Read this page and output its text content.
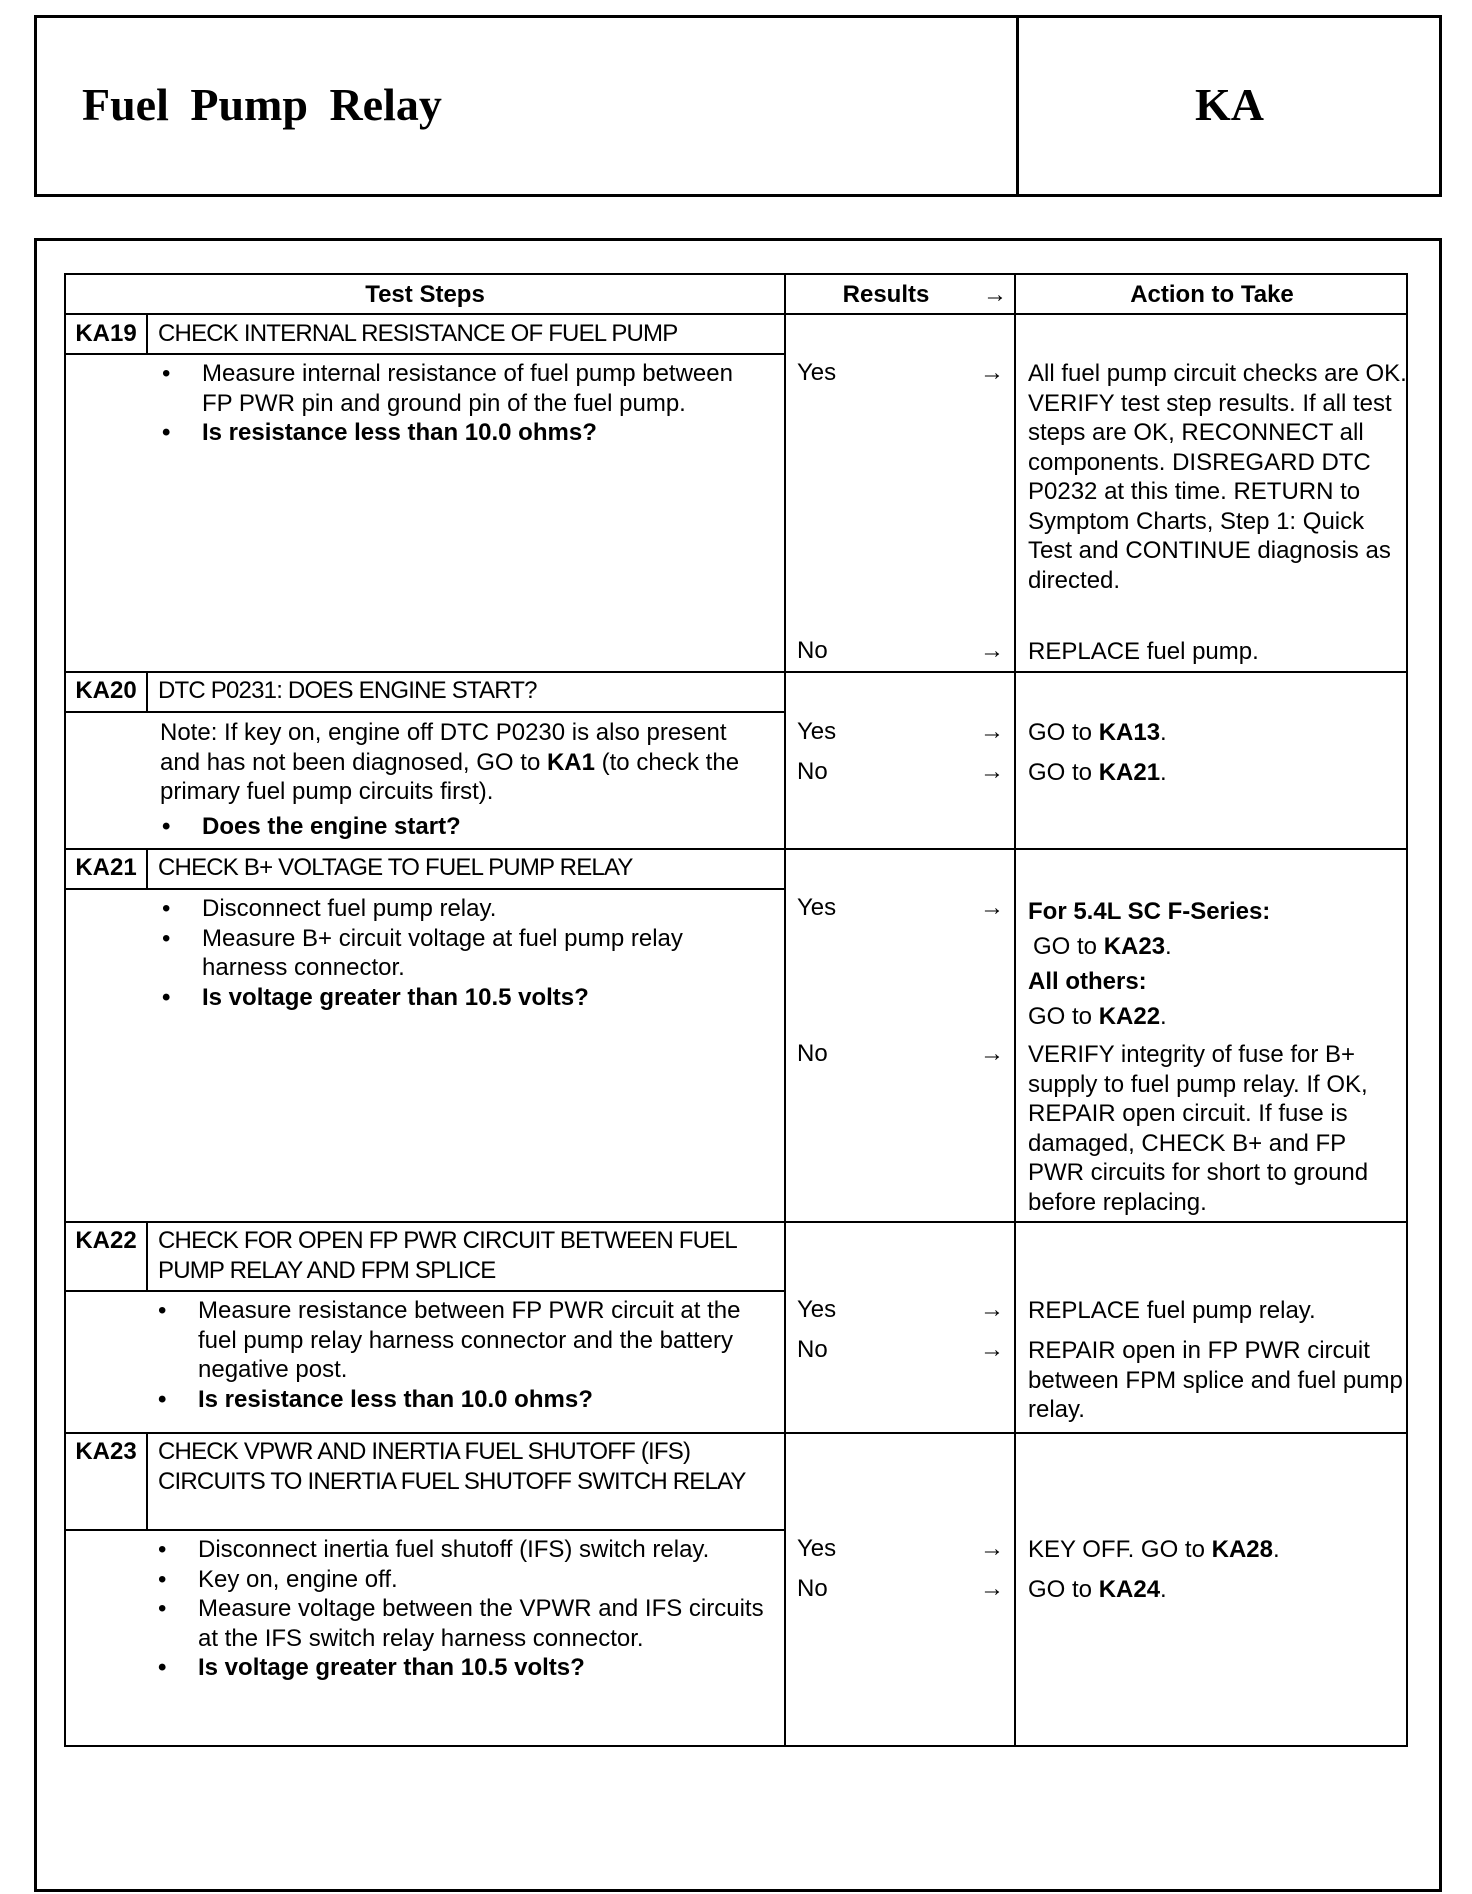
Fuel Pump Relay	KA
Test Steps	Results	→	Action to Take
KA19 CHECK INTERNAL RESISTANCE OF FUEL PUMP
• Measure internal resistance of fuel pump between FP PWR pin and ground pin of the fuel pump.
• Is resistance less than 10.0 ohms?
Yes	→ All fuel pump circuit checks are OK. VERIFY test step results. If all test steps are OK, RECONNECT all components. DISREGARD DTC P0232 at this time. RETURN to Symptom Charts, Step 1: Quick Test and CONTINUE diagnosis as directed.
No	→ REPLACE fuel pump.
KA20 DTC P0231: DOES ENGINE START?
Note: If key on, engine off DTC P0230 is also present and has not been diagnosed, GO to KA1 (to check the primary fuel pump circuits first).
• Does the engine start?
Yes	→ GO to KA13.
No	→ GO to KA21.
KA21 CHECK B+ VOLTAGE TO FUEL PUMP RELAY
• Disconnect fuel pump relay.
• Measure B+ circuit voltage at fuel pump relay harness connector.
• Is voltage greater than 10.5 volts?
Yes	→ For 5.4L SC F-Series:
GO to KA23.
All others:
GO to KA22.
No	→ VERIFY integrity of fuse for B+ supply to fuel pump relay. If OK, REPAIR open circuit. If fuse is damaged, CHECK B+ and FP PWR circuits for short to ground before replacing.
KA22 CHECK FOR OPEN FP PWR CIRCUIT BETWEEN FUEL PUMP RELAY AND FPM SPLICE
• Measure resistance between FP PWR circuit at the fuel pump relay harness connector and the battery negative post.
• Is resistance less than 10.0 ohms?
Yes	→ REPLACE fuel pump relay.
No	→ REPAIR open in FP PWR circuit between FPM splice and fuel pump relay.
KA23 CHECK VPWR AND INERTIA FUEL SHUTOFF (IFS) CIRCUITS TO INERTIA FUEL SHUTOFF SWITCH RELAY
• Disconnect inertia fuel shutoff (IFS) switch relay.
• Key on, engine off.
• Measure voltage between the VPWR and IFS circuits at the IFS switch relay harness connector.
• Is voltage greater than 10.5 volts?
Yes	→ KEY OFF. GO to KA28.
No	→ GO to KA24.
